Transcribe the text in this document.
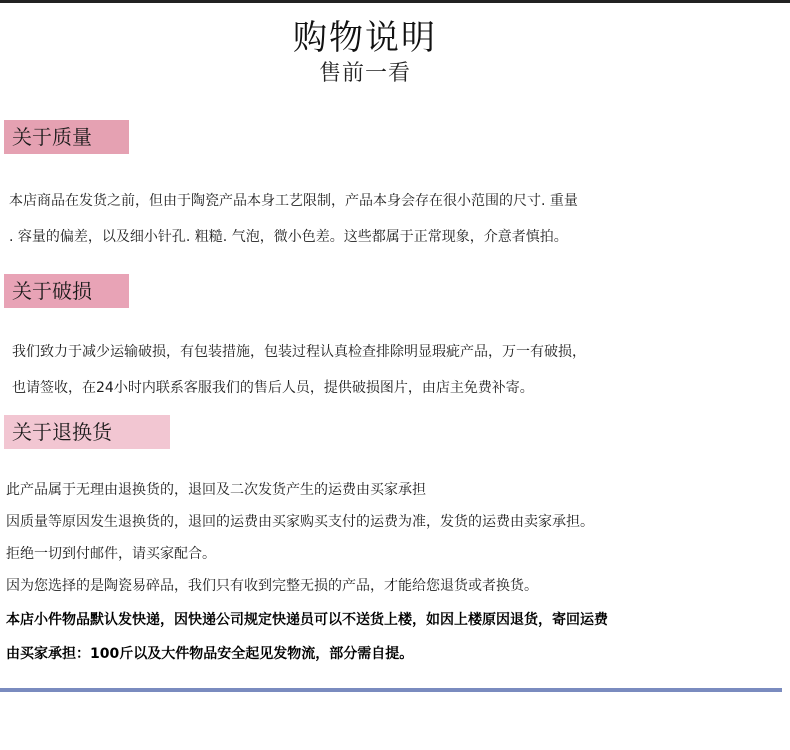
购物说明
售前一看
关于质量
本店商品在发货之前，但由于陶瓷产品本身工艺限制，产品本身会存在很小范围的尺寸. 重量
. 容量的偏差，以及细小针孔. 粗糙. 气泡，微小色差。这些都属于正常现象，介意者慎拍。
关于破损
我们致力于减少运输破损，有包装措施，包装过程认真检查排除明显瑕疵产品，万一有破损，
也请签收，在24小时内联系客服我们的售后人员，提供破损图片，由店主免费补寄。
关于退换货
此产品属于无理由退换货的，退回及二次发货产生的运费由买家承担
因质量等原因发生退换货的，退回的运费由买家购买支付的运费为准，发货的运费由卖家承担。
拒绝一切到付邮件，请买家配合。
因为您选择的是陶瓷易碎品，我们只有收到完整无损的产品，才能给您退货或者换货。
本店小件物品默认发快递，因快递公司规定快递员可以不送货上楼，如因上楼原因退货，寄回运费
由买家承担：100斤以及大件物品安全起见发物流，部分需自提。
